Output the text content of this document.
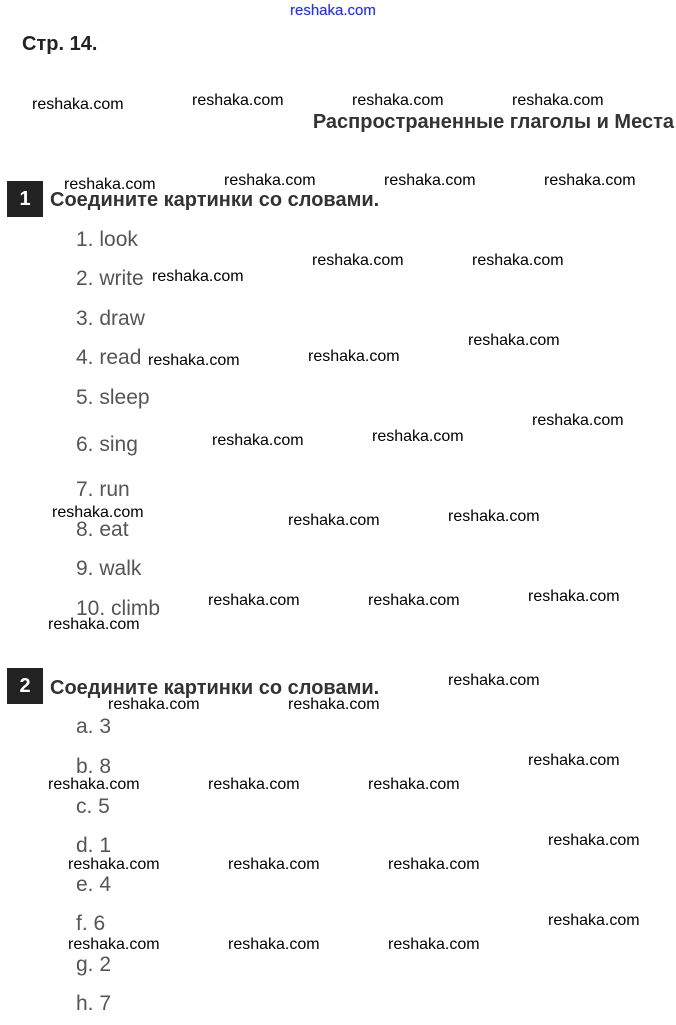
reshaka.com
Стр. 14.
Распространенные глаголы и Места
1 Соедините картинки со словами.
1. look
2. write
3. draw
4. read
5. sleep
6. sing
7. run
8. eat
9. walk
10. climb
2 Соедините картинки со словами.
a. 3
b. 8
c. 5
d. 1
e. 4
f. 6
g. 2
h. 7
reshaka.com	reshaka.com	reshaka.com	reshaka.com
reshaka.com	reshaka.com	reshaka.com	reshaka.com
reshaka.com
reshaka.com	reshaka.com
reshaka.com
reshaka.com	reshaka.com
reshaka.com
reshaka.com	reshaka.com
reshaka.com	reshaka.com	reshaka.com
reshaka.com
reshaka.com	reshaka.com
reshaka.com
reshaka.com
reshaka.com	reshaka.com
reshaka.com
reshaka.com	reshaka.com	reshaka.com
reshaka.com
reshaka.com	reshaka.com	reshaka.com
reshaka.com
reshaka.com	reshaka.com	reshaka.com
